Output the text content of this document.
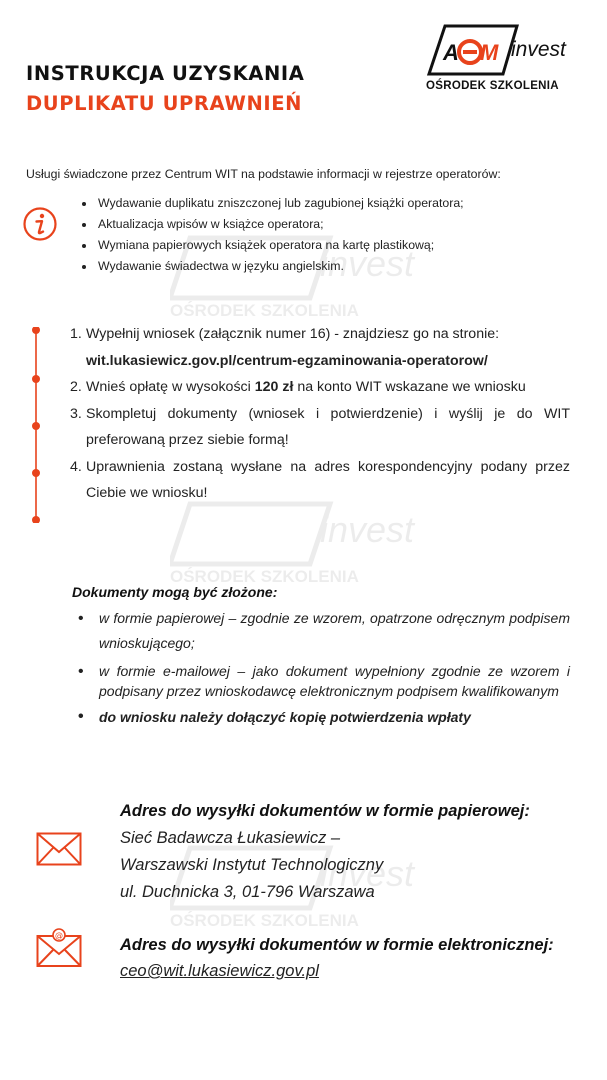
invest
OŚRODEK SZKOLENIA
invest
OŚRODEK SZKOLENIA
invest
OŚRODEK SZKOLENIA
INSTRUKCJA UZYSKANIA
DUPLIKATU UPRAWNIEŃ
A M invest
OŚRODEK SZKOLENIA
Usługi świadczone przez Centrum WIT na podstawie informacji w rejestrze operatorów:
• Wydawanie duplikatu zniszczonej lub zagubionej książki operatora;
• Aktualizacja wpisów w książce operatora;
• Wymiana papierowych książek operatora na kartę plastikową;
• Wydawanie świadectwa w języku angielskim.
1. Wypełnij wniosek (załącznik numer 16) - znajdziesz go na stronie:
wit.lukasiewicz.gov.pl/centrum-egzaminowania-operatorow/
2. Wnieś opłatę w wysokości 120 zł na konto WIT wskazane we wniosku
3. Skompletuj dokumenty (wniosek i potwierdzenie) i wyślij je do WIT preferowaną przez siebie formą!
4. Uprawnienia zostaną wysłane na adres korespondencyjny podany przez Ciebie we wniosku!
Dokumenty mogą być złożone:
• w formie papierowej – zgodnie ze wzorem, opatrzone odręcznym podpisem wnioskującego;
• w formie e-mailowej – jako dokument wypełniony zgodnie ze wzorem i podpisany przez wnioskodawcę elektronicznym podpisem kwalifikowanym
• do wniosku należy dołączyć kopię potwierdzenia wpłaty
Adres do wysyłki dokumentów w formie papierowej:
Sieć Badawcza Łukasiewicz –
Warszawski Instytut Technologiczny
ul. Duchnicka 3, 01-796 Warszawa
@
Adres do wysyłki dokumentów w formie elektronicznej:
ceo@wit.lukasiewicz.gov.pl
